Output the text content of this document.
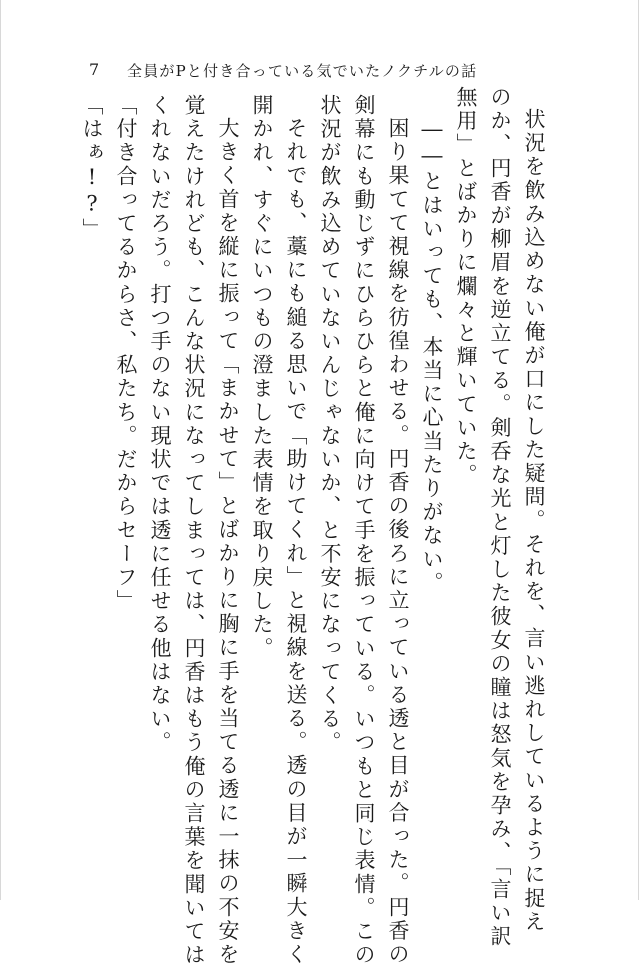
7 全員がPと付き合っている気でいたノクチルの話
状況を飲み込めない俺が口にした疑問。それを、言い逃れしているように捉え
のか、円香が柳眉を逆立てる。剣呑な光と灯した彼女の瞳は怒気を孕み、「言い訳
無用」とばかりに爛々と輝いていた。
――とはいっても、本当に心当たりがない。
困り果てて視線を彷徨わせる。円香の後ろに立っている透と目が合った。円香の
剣幕にも動じずにひらひらと俺に向けて手を振っている。いつもと同じ表情。この
状況が飲み込めていないんじゃないか、と不安になってくる。
それでも、藁にも縋る思いで「助けてくれ」と視線を送る。透の目が一瞬大きく
開かれ、すぐにいつもの澄ました表情を取り戻した。
大きく首を縦に振って「まかせて」とばかりに胸に手を当てる透に一抹の不安を
覚えたけれども、こんな状況になってしまっては、円香はもう俺の言葉を聞いては
くれないだろう。打つ手のない現状では透に任せる他はない。
「付き合ってるからさ、私たち。だからセーフ」
「はぁ!?」
